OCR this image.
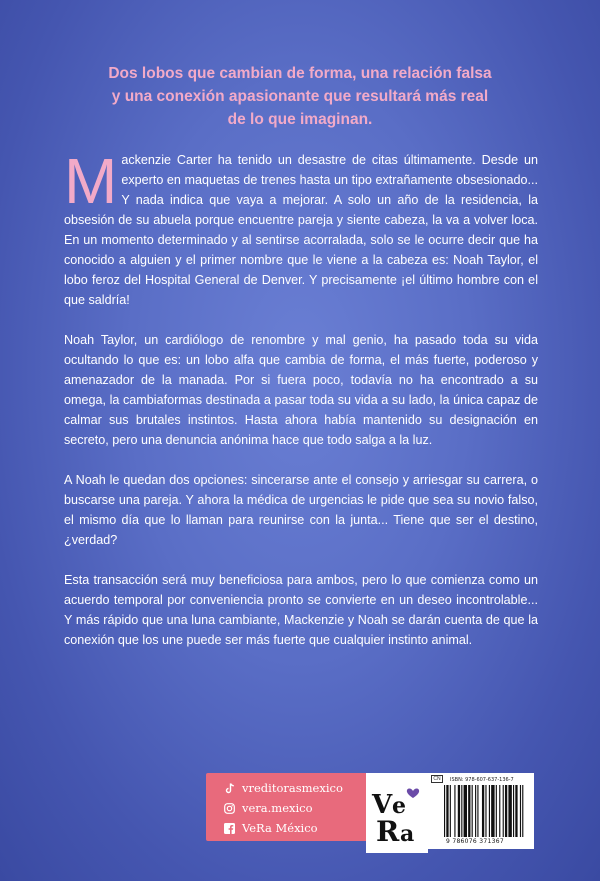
Dos lobos que cambian de forma, una relación falsa
y una conexión apasionante que resultará más real
de lo que imaginan.

Mackenzie Carter ha tenido un desastre de citas últimamente. Desde un experto en maquetas de trenes hasta un tipo extrañamente obsesionado... Y nada indica que vaya a mejorar. A solo un año de la residencia, la obsesión de su abuela porque encuentre pareja y siente cabeza, la va a volver loca. En un momento determinado y al sentirse acorralada, solo se le ocurre decir que ha conocido a alguien y el primer nombre que le viene a la cabeza es: Noah Taylor, el lobo feroz del Hospital General de Denver. Y precisamente ¡el último hombre con el que saldría!

Noah Taylor, un cardiólogo de renombre y mal genio, ha pasado toda su vida ocultando lo que es: un lobo alfa que cambia de forma, el más fuerte, poderoso y amenazador de la manada. Por si fuera poco, todavía no ha encontrado a su omega, la cambiaformas destinada a pasar toda su vida a su lado, la única capaz de calmar sus brutales instintos. Hasta ahora había mantenido su designación en secreto, pero una denuncia anónima hace que todo salga a la luz.

A Noah le quedan dos opciones: sincerarse ante el consejo y arriesgar su carrera, o buscarse una pareja. Y ahora la médica de urgencias le pide que sea su novio falso, el mismo día que lo llaman para reunirse con la junta... Tiene que ser el destino, ¿verdad?

Esta transacción será muy beneficiosa para ambos, pero lo que comienza como un acuerdo temporal por conveniencia pronto se convierte en un deseo incontrolable... Y más rápido que una luna cambiante, Mackenzie y Noah se darán cuenta de que la conexión que los une puede ser más fuerte que cualquier instinto animal.

vreditorasmexico
vera.mexico
VeRa México
V e
R a
CN	ISBN: 978-607-637-136-7
9 786076 371367
